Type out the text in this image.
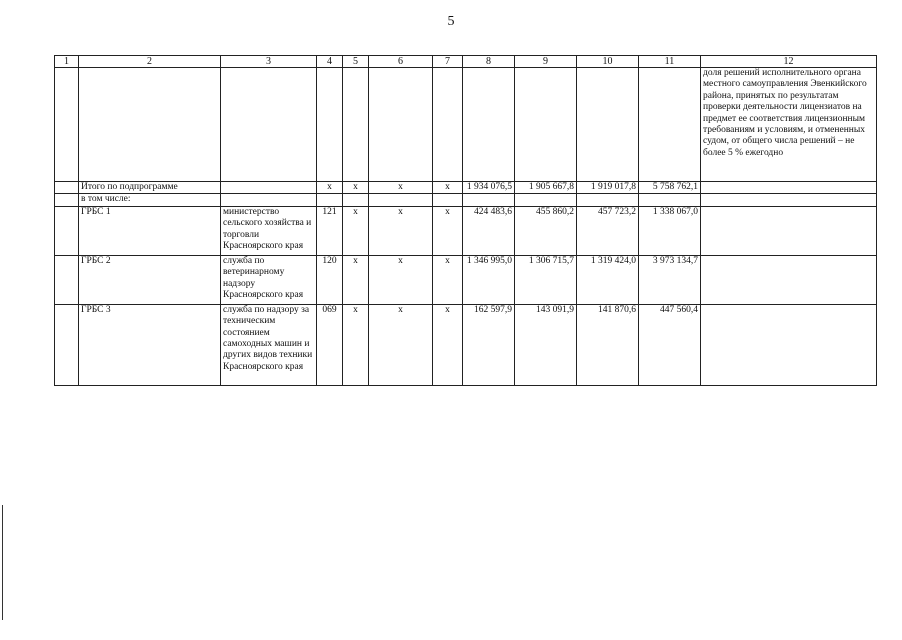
5
1	2	3	4	5	6	7	8	9	10	11	12
											доля решений исполнительного органа местного самоуправления Эвенкийского района, принятых по результатам проверки деятельности лицензиатов на предмет ее соответствия лицензионным требованиям и условиям, и отмененных судом, от общего числа решений – не более 5 % ежегодно
	Итого по подпрограмме		х	х	х	х	1 934 076,5	1 905 667,8	1 919 017,8	5 758 762,1	
	в том числе:										
	ГРБС 1	министерство сельского хозяйства и торговли Красноярского края	121	х	х	х	424 483,6	455 860,2	457 723,2	1 338 067,0	
	ГРБС 2	служба по ветеринарному надзору Красноярского края	120	х	х	х	1 346 995,0	1 306 715,7	1 319 424,0	3 973 134,7	
	ГРБС 3	служба по надзору за техническим состоянием самоходных машин и других видов техники Красноярского края	069	х	х	х	162 597,9	143 091,9	141 870,6	447 560,4	
